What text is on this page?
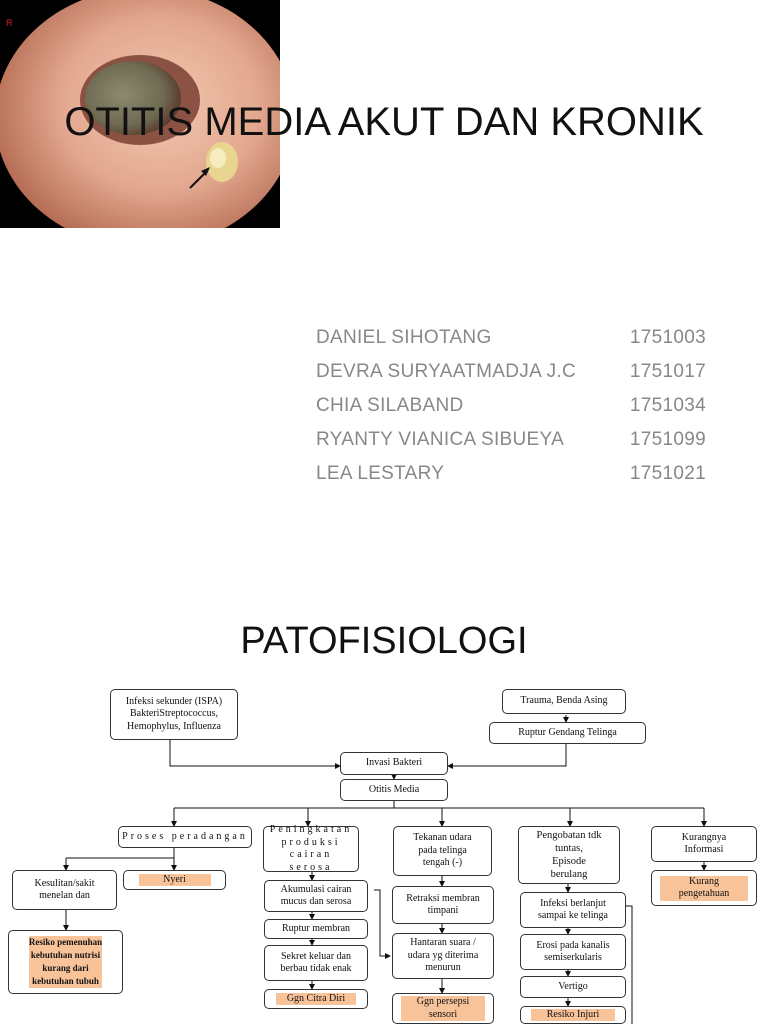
OTITIS MEDIA AKUT DAN KRONIK
R
DANIEL SIHOTANG	1751003
DEVRA SURYAATMADJA J.C	1751017
CHIA SILABAND	1751034
RYANTY VIANICA SIBUEYA	1751099
LEA LESTARY	1751021
PATOFISIOLOGI
Infeksi sekunder (ISPA)
BakteriStreptococcus,
Hemophylus, Influenza
Trauma, Benda Asing
Ruptur Gendang Telinga
Invasi Bakteri
Otitis Media
Proses peradangan
Peningkatan
produksi
cairan serosa
Tekanan udara
pada telinga
tengah (-)
Pengobatan tdk
tuntas,
Episode
berulang
Kurangnya
Informasi
Kesulitan/sakit
menelan dan
Nyeri
Resiko pemenuhan
kebutuhan nutrisi
kurang dari
kebutuhan tubuh
Akumulasi cairan
mucus dan serosa
Ruptur membran
Sekret keluar dan
berbau tidak enak
Ggn Citra Diri
Retraksi membran
timpani
Hantaran suara /
udara yg diterima
menurun
Ggn persepsi
sensori
Infeksi berlanjut
sampai ke telinga
Erosi pada kanalis
semiserkularis
Vertigo
Resiko Injuri
Kurang
pengetahuan
